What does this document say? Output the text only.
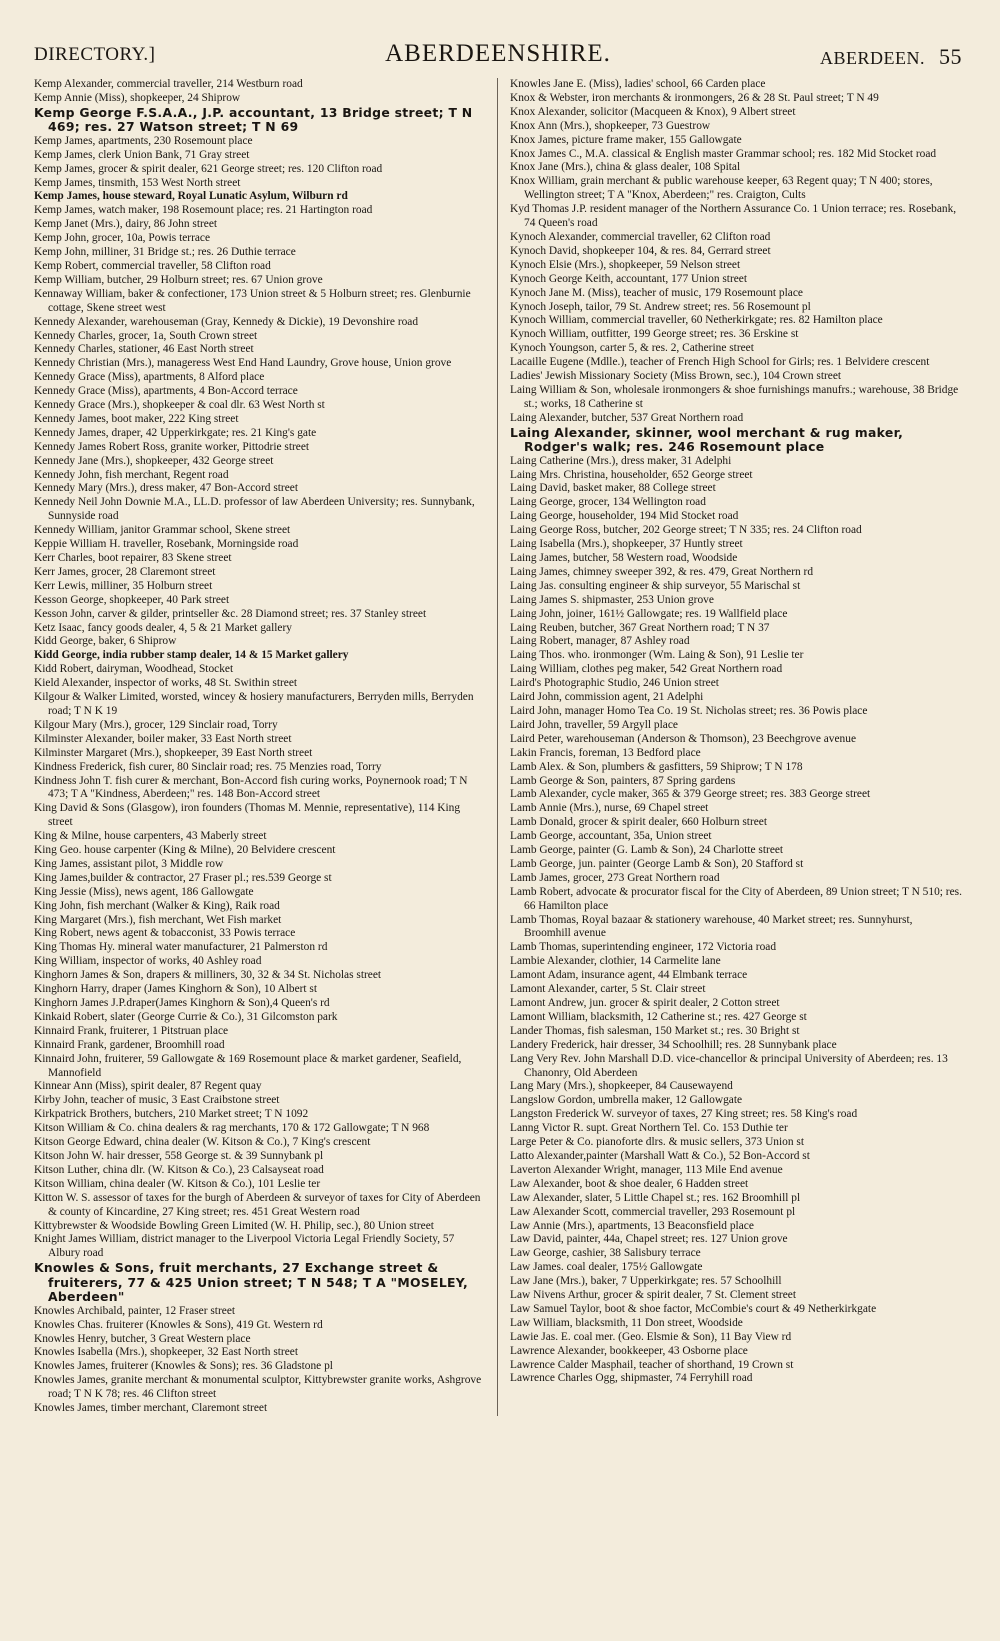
DIRECTORY.]	ABERDEENSHIRE.	ABERDEEN. 55
Kemp Alexander, commercial traveller, 214 Westburn road
Kemp Annie (Miss), shopkeeper, 24 Shiprow
Kemp George F.S.A.A., J.P. accountant, 13 Bridge street; T N 469; res. 27 Watson street; T N 69
Kemp James, apartments, 230 Rosemount place
Kemp James, clerk Union Bank, 71 Gray street
Kemp James, grocer & spirit dealer, 621 George street; res. 120 Clifton road
Kemp James, tinsmith, 153 West North street
Kemp James, house steward, Royal Lunatic Asylum, Wilburn rd
Kemp James, watch maker, 198 Rosemount place; res. 21 Hartington road
Kemp Janet (Mrs.), dairy, 86 John street
Kemp John, grocer, 10a, Powis terrace
Kemp John, milliner, 31 Bridge st.; res. 26 Duthie terrace
Kemp Robert, commercial traveller, 58 Clifton road
Kemp William, butcher, 29 Holburn street; res. 67 Union grove
Kennaway William, baker & confectioner, 173 Union street & 5 Holburn street; res. Glenburnie cottage, Skene street west
Kennedy Alexander, warehouseman (Gray, Kennedy & Dickie), 19 Devonshire road
Kennedy Charles, grocer, 1a, South Crown street
Kennedy Charles, stationer, 46 East North street
Kennedy Christian (Mrs.), manageress West End Hand Laundry, Grove house, Union grove
Kennedy Grace (Miss), apartments, 8 Alford place
Kennedy Grace (Miss), apartments, 4 Bon-Accord terrace
Kennedy Grace (Mrs.), shopkeeper & coal dlr. 63 West North st
Kennedy James, boot maker, 222 King street
Kennedy James, draper, 42 Upperkirkgate; res. 21 King's gate
Kennedy James Robert Ross, granite worker, Pittodrie street
Kennedy Jane (Mrs.), shopkeeper, 432 George street
Kennedy John, fish merchant, Regent road
Kennedy Mary (Mrs.), dress maker, 47 Bon-Accord street
Kennedy Neil John Downie M.A., LL.D. professor of law Aberdeen University; res. Sunnybank, Sunnyside road
Kennedy William, janitor Grammar school, Skene street
Keppie William H. traveller, Rosebank, Morningside road
Kerr Charles, boot repairer, 83 Skene street
Kerr James, grocer, 28 Claremont street
Kerr Lewis, milliner, 35 Holburn street
Kesson George, shopkeeper, 40 Park street
Kesson John, carver & gilder, printseller &c. 28 Diamond street; res. 37 Stanley street
Ketz Isaac, fancy goods dealer, 4, 5 & 21 Market gallery
Kidd George, baker, 6 Shiprow
Kidd George, india rubber stamp dealer, 14 & 15 Market gallery
Kidd Robert, dairyman, Woodhead, Stocket
Kield Alexander, inspector of works, 48 St. Swithin street
Kilgour & Walker Limited, worsted, wincey & hosiery manufacturers, Berryden mills, Berryden road; T N K 19
Kilgour Mary (Mrs.), grocer, 129 Sinclair road, Torry
Kilminster Alexander, boiler maker, 33 East North street
Kilminster Margaret (Mrs.), shopkeeper, 39 East North street
Kindness Frederick, fish curer, 80 Sinclair road; res. 75 Menzies road, Torry
Kindness John T. fish curer & merchant, Bon-Accord fish curing works, Poynernook road; T N 473; T A "Kindness, Aberdeen;" res. 148 Bon-Accord street
King David & Sons (Glasgow), iron founders (Thomas M. Mennie, representative), 114 King street
King & Milne, house carpenters, 43 Maberly street
King Geo. house carpenter (King & Milne), 20 Belvidere crescent
King James, assistant pilot, 3 Middle row
King James,builder & contractor, 27 Fraser pl.; res.539 George st
King Jessie (Miss), news agent, 186 Gallowgate
King John, fish merchant (Walker & King), Raik road
King Margaret (Mrs.), fish merchant, Wet Fish market
King Robert, news agent & tobacconist, 33 Powis terrace
King Thomas Hy. mineral water manufacturer, 21 Palmerston rd
King William, inspector of works, 40 Ashley road
Kinghorn James & Son, drapers & milliners, 30, 32 & 34 St. Nicholas street
Kinghorn Harry, draper (James Kinghorn & Son), 10 Albert st
Kinghorn James J.P.draper(James Kinghorn & Son),4 Queen's rd
Kinkaid Robert, slater (George Currie & Co.), 31 Gilcomston park
Kinnaird Frank, fruiterer, 1 Pitstruan place
Kinnaird Frank, gardener, Broomhill road
Kinnaird John, fruiterer, 59 Gallowgate & 169 Rosemount place & market gardener, Seafield, Mannofield
Kinnear Ann (Miss), spirit dealer, 87 Regent quay
Kirby John, teacher of music, 3 East Craibstone street
Kirkpatrick Brothers, butchers, 210 Market street; T N 1092
Kitson William & Co. china dealers & rag merchants, 170 & 172 Gallowgate; T N 968
Kitson George Edward, china dealer (W. Kitson & Co.), 7 King's crescent
Kitson John W. hair dresser, 558 George st. & 39 Sunnybank pl
Kitson Luther, china dlr. (W. Kitson & Co.), 23 Calsayseat road
Kitson William, china dealer (W. Kitson & Co.), 101 Leslie ter
Kitton W. S. assessor of taxes for the burgh of Aberdeen & surveyor of taxes for City of Aberdeen & county of Kincardine, 27 King street; res. 451 Great Western road
Kittybrewster & Woodside Bowling Green Limited (W. H. Philip, sec.), 80 Union street
Knight James William, district manager to the Liverpool Victoria Legal Friendly Society, 57 Albury road
Knowles & Sons, fruit merchants, 27 Exchange street & fruiterers, 77 & 425 Union street; T N 548; T A "MOSELEY, Aberdeen"
Knowles Archibald, painter, 12 Fraser street
Knowles Chas. fruiterer (Knowles & Sons), 419 Gt. Western rd
Knowles Henry, butcher, 3 Great Western place
Knowles Isabella (Mrs.), shopkeeper, 32 East North street
Knowles James, fruiterer (Knowles & Sons); res. 36 Gladstone pl
Knowles James, granite merchant & monumental sculptor, Kittybrewster granite works, Ashgrove road; T N K 78; res. 46 Clifton street
Knowles James, timber merchant, Claremont street
Knowles Jane E. (Miss), ladies' school, 66 Carden place
Knox & Webster, iron merchants & ironmongers, 26 & 28 St. Paul street; T N 49
Knox Alexander, solicitor (Macqueen & Knox), 9 Albert street
Knox Ann (Mrs.), shopkeeper, 73 Guestrow
Knox James, picture frame maker, 155 Gallowgate
Knox James C., M.A. classical & English master Grammar school; res. 182 Mid Stocket road
Knox Jane (Mrs.), china & glass dealer, 108 Spital
Knox William, grain merchant & public warehouse keeper, 63 Regent quay; T N 400; stores, Wellington street; T A "Knox, Aberdeen;" res. Craigton, Cults
Kyd Thomas J.P. resident manager of the Northern Assurance Co. 1 Union terrace; res. Rosebank, 74 Queen's road
Kynoch Alexander, commercial traveller, 62 Clifton road
Kynoch David, shopkeeper 104, & res. 84, Gerrard street
Kynoch Elsie (Mrs.), shopkeeper, 59 Nelson street
Kynoch George Keith, accountant, 177 Union street
Kynoch Jane M. (Miss), teacher of music, 179 Rosemount place
Kynoch Joseph, tailor, 79 St. Andrew street; res. 56 Rosemount pl
Kynoch William, commercial traveller, 60 Netherkirkgate; res. 82 Hamilton place
Kynoch William, outfitter, 199 George street; res. 36 Erskine st
Kynoch Youngson, carter 5, & res. 2, Catherine street
Lacaille Eugene (Mdlle.), teacher of French High School for Girls; res. 1 Belvidere crescent
Ladies' Jewish Missionary Society (Miss Brown, sec.), 104 Crown street
Laing William & Son, wholesale ironmongers & shoe furnishings manufrs.; warehouse, 38 Bridge st.; works, 18 Catherine st
Laing Alexander, butcher, 537 Great Northern road
Laing Alexander, skinner, wool merchant & rug maker, Rodger's walk; res. 246 Rosemount place
Laing Catherine (Mrs.), dress maker, 31 Adelphi
Laing Mrs. Christina, householder, 652 George street
Laing David, basket maker, 88 College street
Laing George, grocer, 134 Wellington road
Laing George, householder, 194 Mid Stocket road
Laing George Ross, butcher, 202 George street; T N 335; res. 24 Clifton road
Laing Isabella (Mrs.), shopkeeper, 37 Huntly street
Laing James, butcher, 58 Western road, Woodside
Laing James, chimney sweeper 392, & res. 479, Great Northern rd
Laing Jas. consulting engineer & ship surveyor, 55 Marischal st
Laing James S. shipmaster, 253 Union grove
Laing John, joiner, 161½ Gallowgate; res. 19 Wallfield place
Laing Reuben, butcher, 367 Great Northern road; T N 37
Laing Robert, manager, 87 Ashley road
Laing Thos. who. ironmonger (Wm. Laing & Son), 91 Leslie ter
Laing William, clothes peg maker, 542 Great Northern road
Laird's Photographic Studio, 246 Union street
Laird John, commission agent, 21 Adelphi
Laird John, manager Homo Tea Co. 19 St. Nicholas street; res. 36 Powis place
Laird John, traveller, 59 Argyll place
Laird Peter, warehouseman (Anderson & Thomson), 23 Beechgrove avenue
Lakin Francis, foreman, 13 Bedford place
Lamb Alex. & Son, plumbers & gasfitters, 59 Shiprow; T N 178
Lamb George & Son, painters, 87 Spring gardens
Lamb Alexander, cycle maker, 365 & 379 George street; res. 383 George street
Lamb Annie (Mrs.), nurse, 69 Chapel street
Lamb Donald, grocer & spirit dealer, 660 Holburn street
Lamb George, accountant, 35a, Union street
Lamb George, painter (G. Lamb & Son), 24 Charlotte street
Lamb George, jun. painter (George Lamb & Son), 20 Stafford st
Lamb James, grocer, 273 Great Northern road
Lamb Robert, advocate & procurator fiscal for the City of Aberdeen, 89 Union street; T N 510; res. 66 Hamilton place
Lamb Thomas, Royal bazaar & stationery warehouse, 40 Market street; res. Sunnyhurst, Broomhill avenue
Lamb Thomas, superintending engineer, 172 Victoria road
Lambie Alexander, clothier, 14 Carmelite lane
Lamont Adam, insurance agent, 44 Elmbank terrace
Lamont Alexander, carter, 5 St. Clair street
Lamont Andrew, jun. grocer & spirit dealer, 2 Cotton street
Lamont William, blacksmith, 12 Catherine st.; res. 427 George st
Lander Thomas, fish salesman, 150 Market st.; res. 30 Bright st
Landery Frederick, hair dresser, 34 Schoolhill; res. 28 Sunnybank place
Lang Very Rev. John Marshall D.D. vice-chancellor & principal University of Aberdeen; res. 13 Chanonry, Old Aberdeen
Lang Mary (Mrs.), shopkeeper, 84 Causewayend
Langslow Gordon, umbrella maker, 12 Gallowgate
Langston Frederick W. surveyor of taxes, 27 King street; res. 58 King's road
Lanng Victor R. supt. Great Northern Tel. Co. 153 Duthie ter
Large Peter & Co. pianoforte dlrs. & music sellers, 373 Union st
Latto Alexander,painter (Marshall Watt & Co.), 52 Bon-Accord st
Laverton Alexander Wright, manager, 113 Mile End avenue
Law Alexander, boot & shoe dealer, 6 Hadden street
Law Alexander, slater, 5 Little Chapel st.; res. 162 Broomhill pl
Law Alexander Scott, commercial traveller, 293 Rosemount pl
Law Annie (Mrs.), apartments, 13 Beaconsfield place
Law David, painter, 44a, Chapel street; res. 127 Union grove
Law George, cashier, 38 Salisbury terrace
Law James. coal dealer, 175½ Gallowgate
Law Jane (Mrs.), baker, 7 Upperkirkgate; res. 57 Schoolhill
Law Nivens Arthur, grocer & spirit dealer, 7 St. Clement street
Law Samuel Taylor, boot & shoe factor, McCombie's court & 49 Netherkirkgate
Law William, blacksmith, 11 Don street, Woodside
Lawie Jas. E. coal mer. (Geo. Elsmie & Son), 11 Bay View rd
Lawrence Alexander, bookkeeper, 43 Osborne place
Lawrence Calder Masphail, teacher of shorthand, 19 Crown st
Lawrence Charles Ogg, shipmaster, 74 Ferryhill road
